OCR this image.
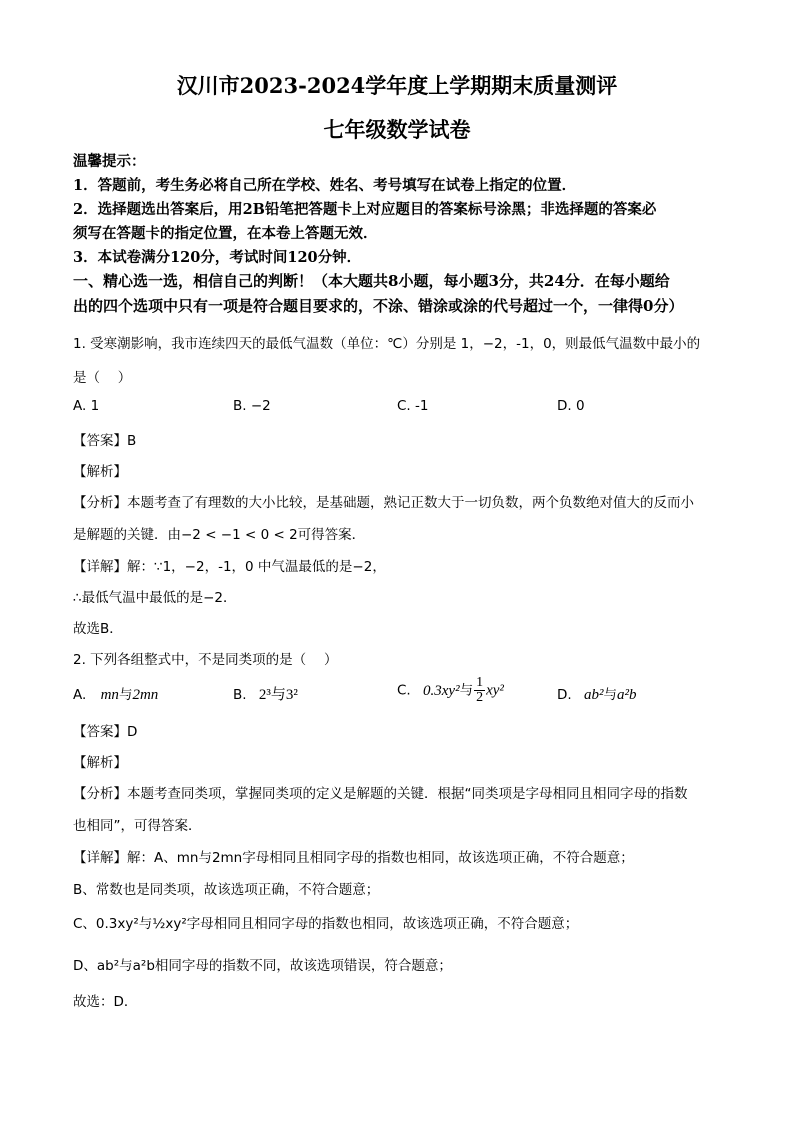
汉川市2023-2024学年度上学期期末质量测评
七年级数学试卷
温馨提示：
1．答题前，考生务必将自己所在学校、姓名、考号填写在试卷上指定的位置．
2．选择题选出答案后，用2B铅笔把答题卡上对应题目的答案标号涂黑；非选择题的答案必
须写在答题卡的指定位置，在本卷上答题无效．
3．本试卷满分120分，考试时间120分钟．
一、精心选一选，相信自己的判断！（本大题共8小题，每小题3分，共24分．在每小题给
出的四个选项中只有一项是符合题目要求的，不涂、错涂或涂的代号超过一个，一律得0分）
1. 受寒潮影响，我市连续四天的最低气温数（单位：℃）分别是 1，−2，-1，0，则最低气温数中最小的
是（　 ）
A. 1	B. −2	C. -1	D. 0
【答案】B
【解析】
【分析】本题考查了有理数的大小比较，是基础题，熟记正数大于一切负数，两个负数绝对值大的反而小
是解题的关键．由−2 < −1 < 0 < 2可得答案．
【详解】解：∵1，−2，-1，0 中气温最低的是−2，
∴最低气温中最低的是−2．
故选B．
2. 下列各组整式中，不是同类项的是（　 ）
A. mn与2mn	B. 2³与3²	C. 0.3xy²与 $\frac{1}{2} xy^2$	D. ab²与a²b
【答案】D
【解析】
【分析】本题考查同类项，掌握同类项的定义是解题的关键．根据“同类项是字母相同且相同字母的指数
也相同”，可得答案．
【详解】解：A、mn与2mn字母相同且相同字母的指数也相同，故该选项正确，不符合题意；
B、常数也是同类项，故该选项正确，不符合题意；
C、0.3xy²与½xy²字母相同且相同字母的指数也相同，故该选项正确，不符合题意；
D、ab²与a²b相同字母的指数不同，故该选项错误，符合题意；
故选：D．
